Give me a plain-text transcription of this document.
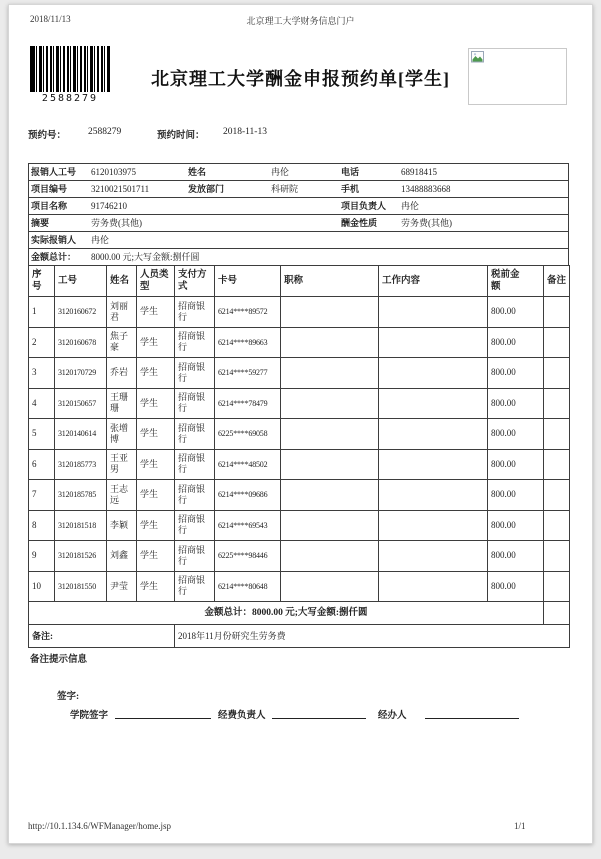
2018/11/13	北京理工大学财务信息门户
2588279
北京理工大学酬金申报预约单[学生]
预约号： 2588279	预约时间： 2018-11-13
报销人工号	6120103975	姓名	冉伦	电话	68918415
项目编号	3210021501711	发放部门	科研院	手机	13488883668
项目名称	91746210	项目负责人	冉伦
摘要	劳务费(其他)	酬金性质	劳务费(其他)
实际报销人	冉伦
金额总计：	8000.00 元;大写金额:捌仟圆
序号	工号	姓名	人员类型	支付方式	卡号	职称	工作内容	税前金额	备注
1	3120160672	刘丽君	学生	招商银行	6214****89572			800.00	
2	3120160678	焦子豪	学生	招商银行	6214****89663			800.00	
3	3120170729	乔岩	学生	招商银行	6214****59277			800.00	
4	3120150657	王珊珊	学生	招商银行	6214****78479			800.00	
5	3120140614	张增博	学生	招商银行	6225****69058			800.00	
6	3120185773	王亚男	学生	招商银行	6214****48502			800.00	
7	3120185785	王志远	学生	招商银行	6214****09686			800.00	
8	3120181518	李颖	学生	招商银行	6214****69543			800.00	
9	3120181526	刘鑫	学生	招商银行	6225****98446			800.00	
10	3120181550	尹莹	学生	招商银行	6214****80648			800.00	
金额总计：8000.00 元;大写金额:捌仟圆									
备注:				2018年11月份研究生劳务费					
备注提示信息
签字:
学院签字	经费负责人	经办人
http://10.1.134.6/WFManager/home.jsp	1/1
